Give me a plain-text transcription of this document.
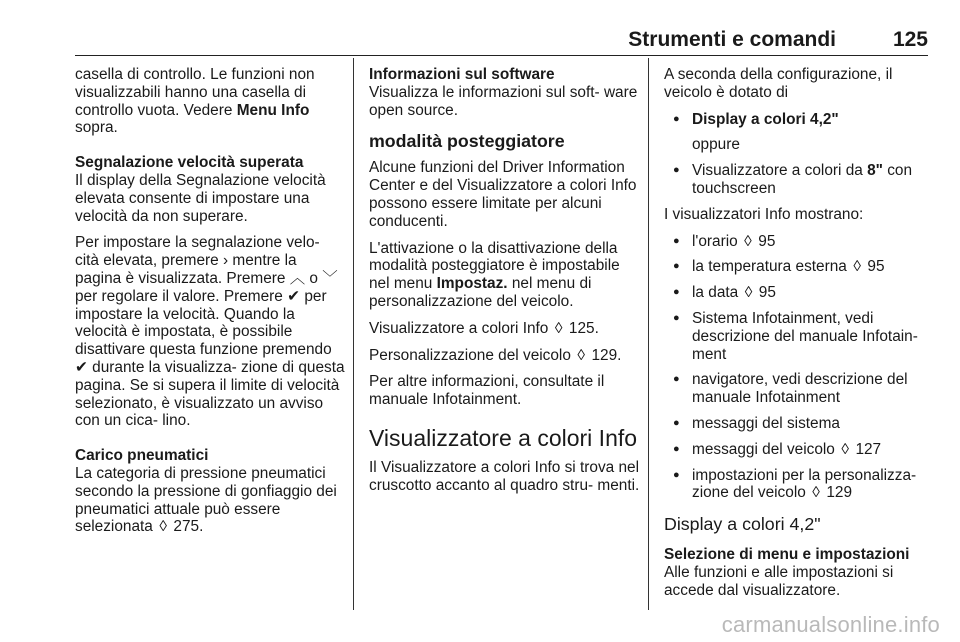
Strumenti e comandi	125

casella di controllo. Le funzioni non visualizzabili hanno una casella di controllo vuota. Vedere Menu Info sopra.

Segnalazione velocità superata

Il display della Segnalazione velocità elevata consente di impostare una velocità da non superare.

Per impostare la segnalazione velo- cità elevata, premere › mentre la pagina è visualizzata. Premere ︿ o ﹀ per regolare il valore. Premere ✔ per impostare la velocità. Quando la velocità è impostata, è possibile disattivare questa funzione premendo ✔ durante la visualizza- zione di questa pagina. Se si supera il limite di velocità selezionato, è visualizzato un avviso con un cica- lino.

Carico pneumatici

La categoria di pressione pneumatici secondo la pressione di gonfiaggio dei pneumatici attuale può essere selezionata ◊ 275.

Informazioni sul software

Visualizza le informazioni sul soft- ware open source.

modalità posteggiatore

Alcune funzioni del Driver Information Center e del Visualizzatore a colori Info possono essere limitate per alcuni conducenti.

L'attivazione o la disattivazione della modalità posteggiatore è impostabile nel menu Impostaz. nel menu di personalizzazione del veicolo.

Visualizzatore a colori Info ◊ 125.

Personalizzazione del veicolo ◊ 129.

Per altre informazioni, consultate il manuale Infotainment.

Visualizzatore a colori Info

Il Visualizzatore a colori Info si trova nel cruscotto accanto al quadro stru- menti.

A seconda della configurazione, il veicolo è dotato di

● Display a colori 4,2"
oppure
● Visualizzatore a colori da 8" con touchscreen

I visualizzatori Info mostrano:

● l'orario ◊ 95
● la temperatura esterna ◊ 95
● la data ◊ 95
● Sistema Infotainment, vedi descrizione del manuale Infotain- ment
● navigatore, vedi descrizione del manuale Infotainment
● messaggi del sistema
● messaggi del veicolo ◊ 127
● impostazioni per la personalizza- zione del veicolo ◊ 129
Display a colori 4,2"
Selezione di menu e impostazioni

Alle funzioni e alle impostazioni si accede dal visualizzatore.

carmanualsonline.info
